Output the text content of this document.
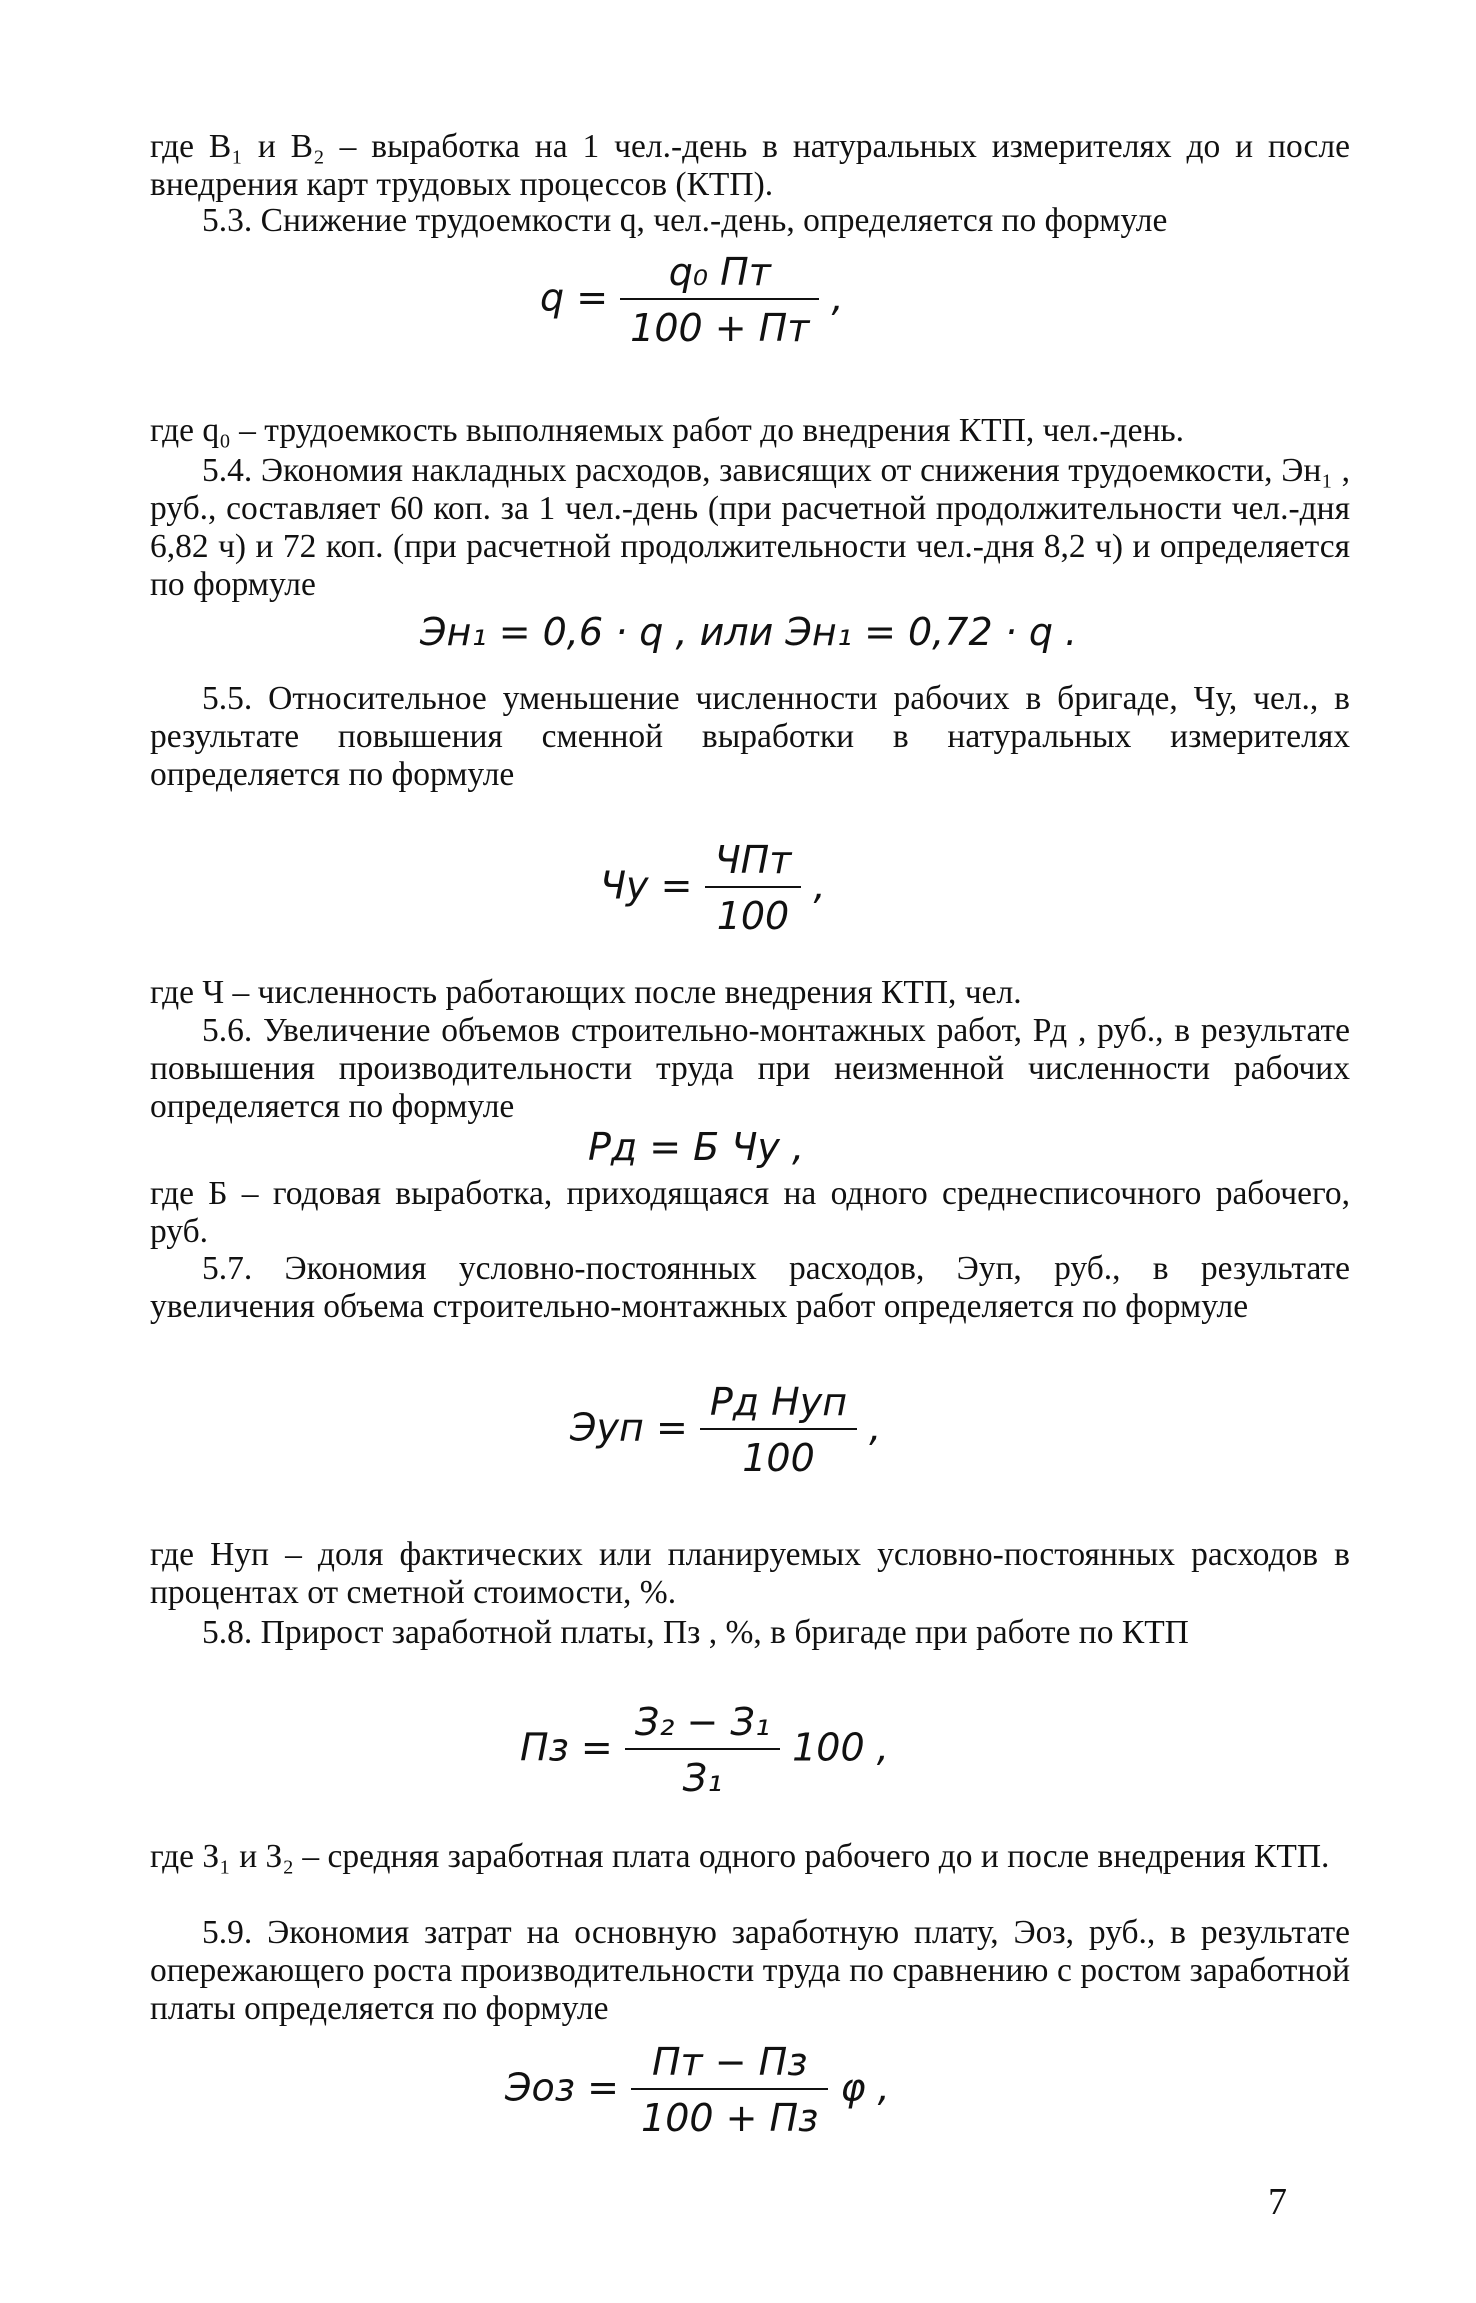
где В₁ и В₂ – выработка на 1 чел.-день в натуральных измерителях до и после внедрения карт трудовых процессов (КТП).

5.3. Снижение трудоемкости q, чел.-день, определяется по формуле

$q = \frac{\text{q₀ Пт}}{100 + Пт}$ ,

где q₀ – трудоемкость выполняемых работ до внедрения КТП, чел.-день.

5.4. Экономия накладных расходов, зависящих от снижения трудоемкости, Эн₁ , руб., составляет 60 коп. за 1 чел.-день (при расчетной продолжительности чел.-дня 6,82 ч) и 72 коп. (при расчетной продолжительности чел.-дня 8,2 ч) и определяется по формуле

Эн₁ = 0,6 · q , или Эн₁ = 0,72 · q .

5.5. Относительное уменьшение численности рабочих в бригаде, Чу, чел., в результате повышения сменной выработки в натуральных измерителях определяется по формуле

Чу = $\frac{\text{ЧПт}}{100}$ ,

где Ч – численность работающих после внедрения КТП, чел.

5.6. Увеличение объемов строительно-монтажных работ, Рд , руб., в результате повышения производительности труда при неизменной численности рабочих определяется по формуле

Рд = Б Чу ,

где Б – годовая выработка, приходящаяся на одного среднесписочного рабочего, руб.

5.7. Экономия условно-постоянных расходов, Эуп, руб., в результате увеличения объема строительно-монтажных работ определяется по формуле

Эуп = $\frac{\text{Рд Нуп}}{100}$ ,

где Нуп – доля фактических или планируемых условно-постоянных расходов в процентах от сметной стоимости, %.

5.8. Прирост заработной платы, Пз , %, в бригаде при работе по КТП

Пз = $\frac{\text{З₂ − З₁}}{\text{З₁}} 100$ ,

где З₁ и З₂ – средняя заработная плата одного рабочего до и после внедрения КТП.

5.9. Экономия затрат на основную заработную плату, Эоз, руб., в результате опережающего роста производительности труда по сравнению с ростом заработной платы определяется по формуле

Эоз = $\frac{Пт - Пз}{100 + Пз}$ φ ,
7
